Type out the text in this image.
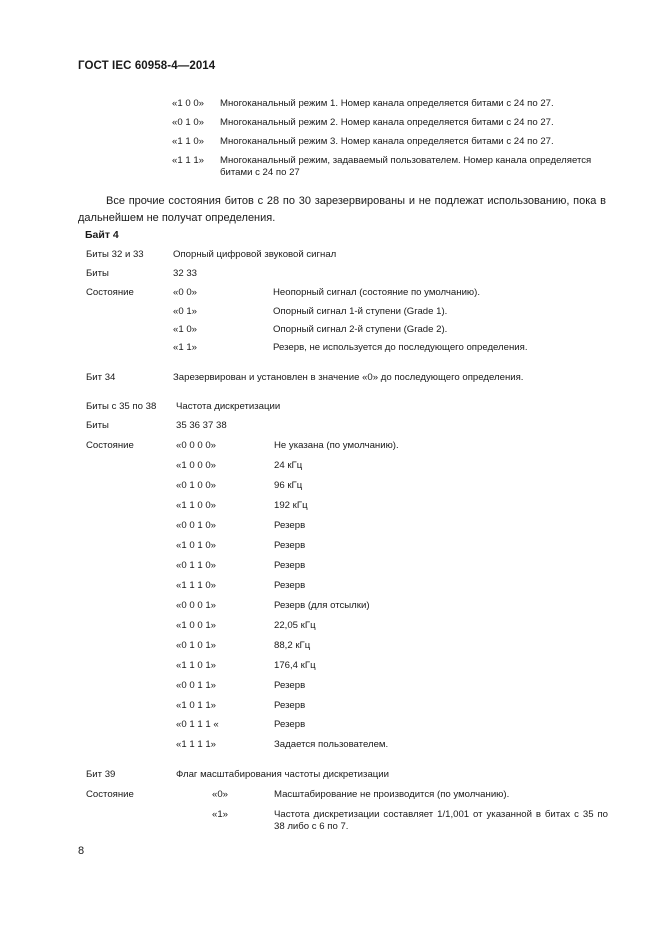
ГОСТ IEC 60958-4—2014
«1 0 0» Многоканальный режим 1. Номер канала определяется битами с 24 по 27.
«0 1 0» Многоканальный режим 2. Номер канала определяется битами с 24 по 27.
«1 1 0» Многоканальный режим 3. Номер канала определяется битами с 24 по 27.
«1 1 1» Многоканальный режим, задаваемый пользователем. Номер канала определяется битами с 24 по 27
Все прочие состояния битов с 28 по 30 зарезервированы и не подлежат использованию, пока в дальнейшем не получат определения.
Байт 4
Биты 32 и 33	Опорный цифровой звуковой сигнал
Биты	32 33
Состояние	«0 0»	Неопорный сигнал (состояние по умолчанию).
«0 1»	Опорный сигнал 1-й ступени (Grade 1).
«1 0»	Опорный сигнал 2-й ступени (Grade 2).
«1 1»	Резерв, не используется до последующего определения.
Бит 34	Зарезервирован и установлен в значение «0» до последующего определения.
Биты с 35 по 38 Частота дискретизации
Биты	35 36 37 38
Состояние	«0 0 0 0»	Не указана (по умолчанию).
«1 0 0 0»	24 кГц
«0 1 0 0»	96 кГц
«1 1 0 0»	192 кГц
«0 0 1 0»	Резерв
«1 0 1 0»	Резерв
«0 1 1 0»	Резерв
«1 1 1 0»	Резерв
«0 0 0 1»	Резерв (для отсылки)
«1 0 0 1»	22,05 кГц
«0 1 0 1»	88,2 кГц
«1 1 0 1»	176,4 кГц
«0 0 1 1»	Резерв
«1 0 1 1»	Резерв
«0 1 1 1 «	Резерв
«1 1 1 1»	Задается пользователем.
Бит 39	Флаг масштабирования частоты дискретизации
Состояние	«0»	Масштабирование не производится (по умолчанию).
«1»	Частота дискретизации составляет 1/1,001 от указанной в битах с 35 по 38 либо с 6 по 7.
8
